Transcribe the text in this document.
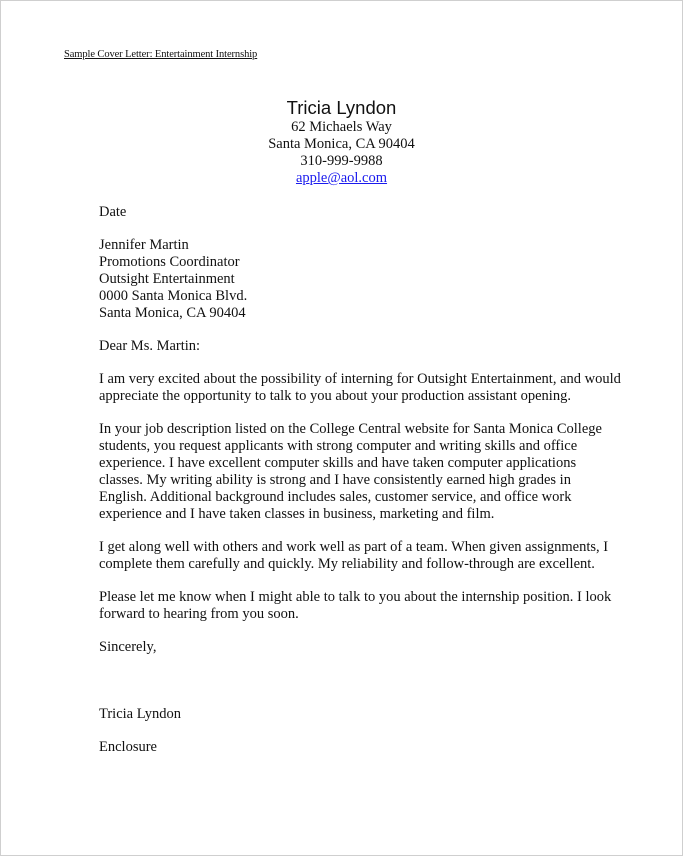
Sample Cover Letter: Entertainment Internship
Tricia Lyndon
62 Michaels Way
Santa Monica, CA 90404
310-999-9988
apple@aol.com
Date
Jennifer Martin
Promotions Coordinator
Outsight Entertainment
0000 Santa Monica Blvd.
Santa Monica, CA 90404
Dear Ms. Martin:
I am very excited about the possibility of interning for Outsight Entertainment, and would
appreciate the opportunity to talk to you about your production assistant opening.
In your job description listed on the College Central website for Santa Monica College
students, you request applicants with strong computer and writing skills and office
experience. I have excellent computer skills and have taken computer applications
classes. My writing ability is strong and I have consistently earned high grades in
English. Additional background includes sales, customer service, and office work
experience and I have taken classes in business, marketing and film.
I get along well with others and work well as part of a team. When given assignments, I
complete them carefully and quickly. My reliability and follow-through are excellent.
Please let me know when I might able to talk to you about the internship position. I look
forward to hearing from you soon.
Sincerely,
Tricia Lyndon
Enclosure
